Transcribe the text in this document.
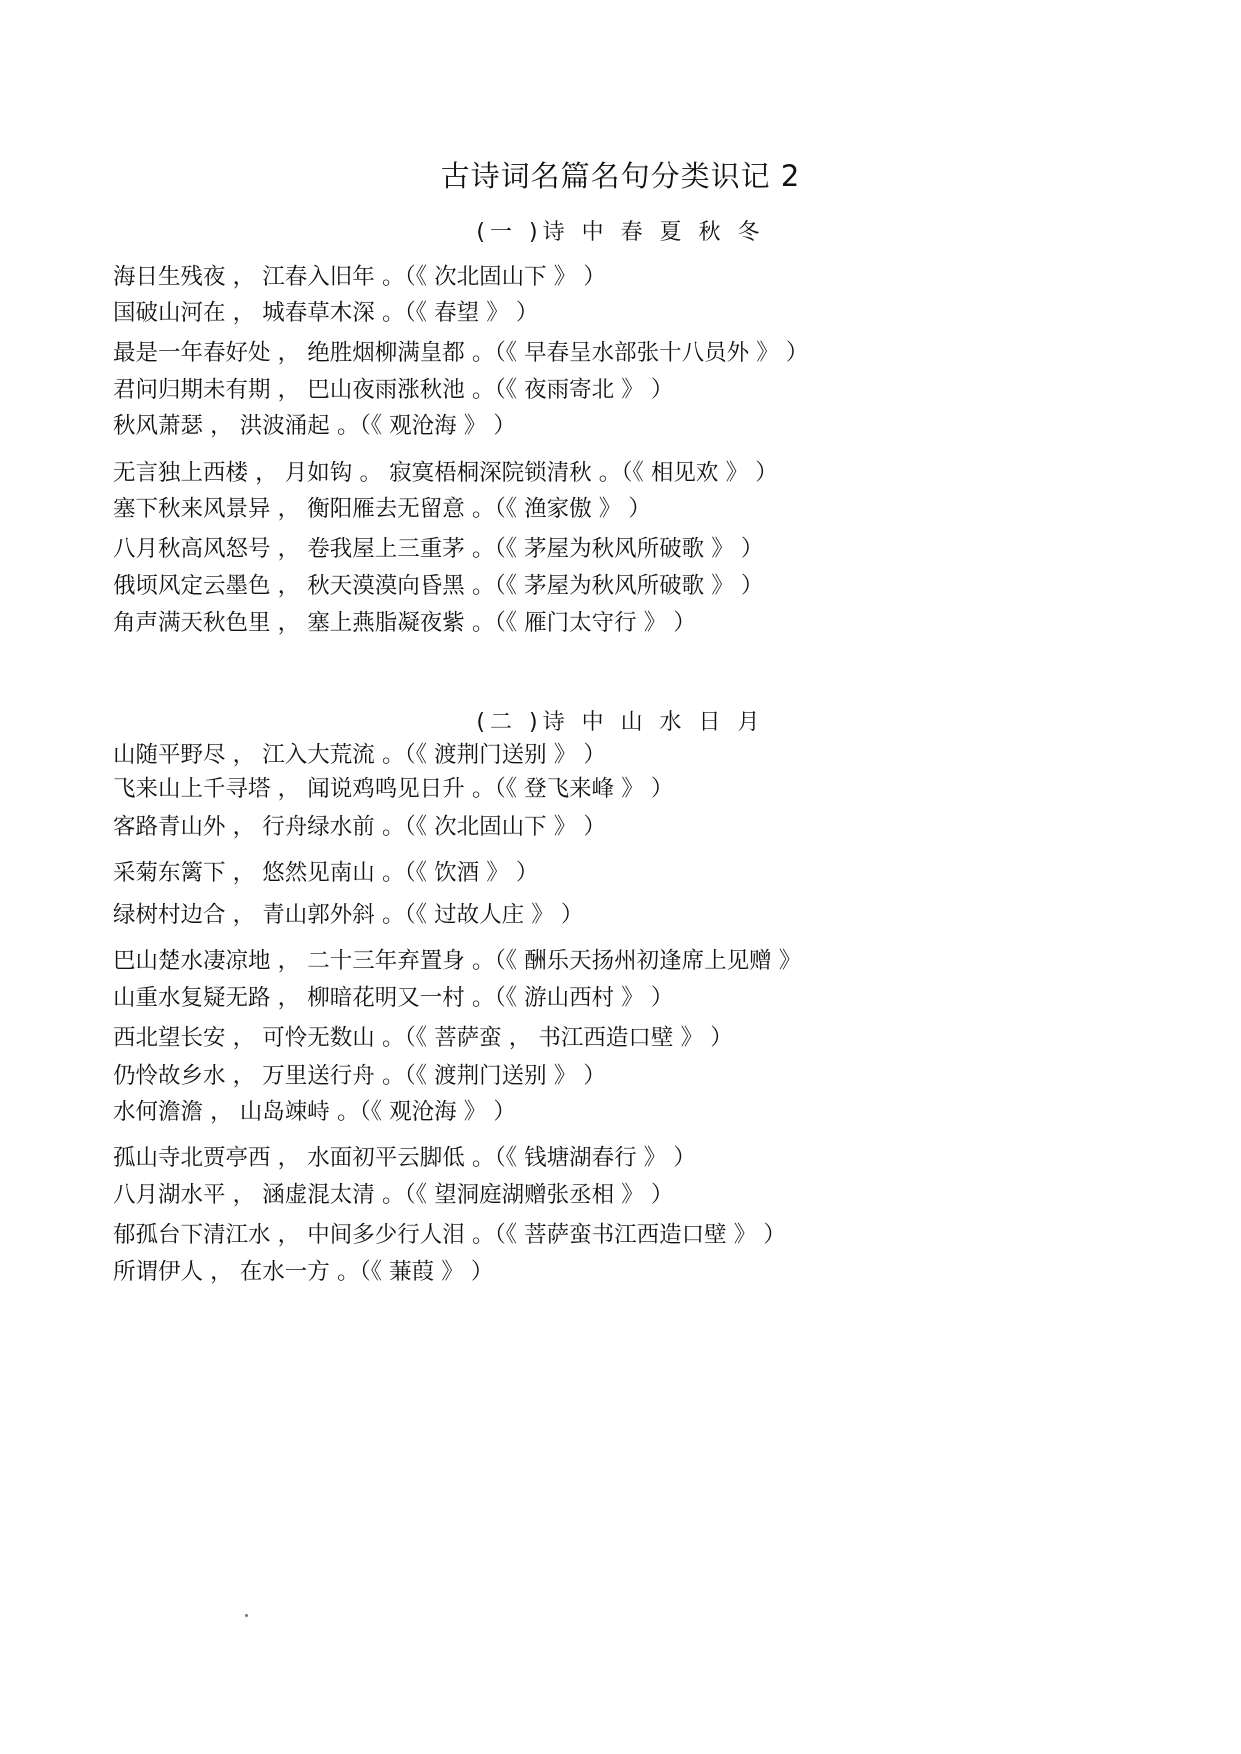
古诗词名篇名句分类识记 2
(一 )诗 中 春 夏 秋 冬
海日生残夜 ， 江春入旧年 。（《 次北固山下 》 ）
国破山河在 ， 城春草木深 。（《 春望 》 ）
最是一年春好处 ， 绝胜烟柳满皇都 。（《 早春呈水部张十八员外 》 ）
君问归期未有期 ， 巴山夜雨涨秋池 。（《 夜雨寄北 》 ）
秋风萧瑟 ， 洪波涌起 。（《 观沧海 》 ）
无言独上西楼 ， 月如钩 。 寂寞梧桐深院锁清秋 。（《 相见欢 》 ）
塞下秋来风景异 ， 衡阳雁去无留意 。（《 渔家傲 》 ）
八月秋高风怒号 ， 卷我屋上三重茅 。（《 茅屋为秋风所破歌 》 ）
俄顷风定云墨色 ， 秋天漠漠向昏黑 。（《 茅屋为秋风所破歌 》 ）
角声满天秋色里 ， 塞上燕脂凝夜紫 。（《 雁门太守行 》 ）
(二 )诗 中 山 水 日 月
山随平野尽 ， 江入大荒流 。（《 渡荆门送别 》 ）
飞来山上千寻塔 ， 闻说鸡鸣见日升 。（《 登飞来峰 》 ）
客路青山外 ， 行舟绿水前 。（《 次北固山下 》 ）
采菊东篱下 ， 悠然见南山 。（《 饮酒 》 ）
绿树村边合 ， 青山郭外斜 。（《 过故人庄 》 ）
巴山楚水凄凉地 ， 二十三年弃置身 。（《 酬乐天扬州初逢席上见赠 》
山重水复疑无路 ， 柳暗花明又一村 。（《 游山西村 》 ）
西北望长安 ， 可怜无数山 。（《 菩萨蛮 ， 书江西造口壁 》 ）
仍怜故乡水 ， 万里送行舟 。（《 渡荆门送别 》 ）
水何澹澹 ， 山岛竦峙 。（《 观沧海 》 ）
孤山寺北贾亭西 ， 水面初平云脚低 。（《 钱塘湖春行 》 ）
八月湖水平 ， 涵虚混太清 。（《 望洞庭湖赠张丞相 》 ）
郁孤台下清江水 ， 中间多少行人泪 。（《 菩萨蛮书江西造口壁 》 ）
所谓伊人 ， 在水一方 。（《 蒹葭 》 ）
